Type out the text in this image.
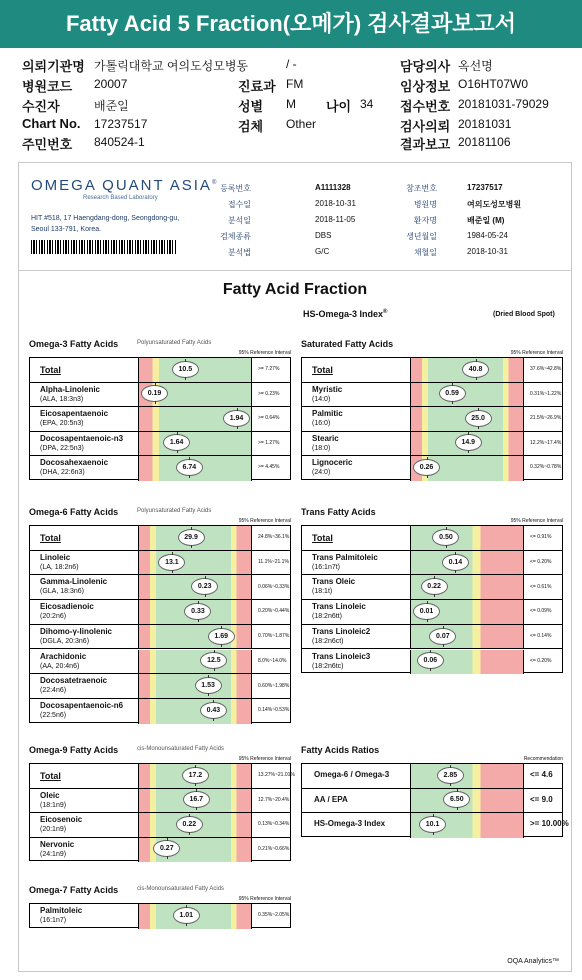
Fatty Acid 5 Fraction(오메가) 검사결과보고서
의뢰기관명 가톨릭대학교 여의도성모병동	/ -	담당의사 옥선명
병원코드 20007	진료과 FM	임상정보 O16HT07W0
수진자	배준일	성별 M 나이 34 접수번호 20181031-79029
Chart No. 17237517	검체 Other	검사의뢰 20181031
주민번호 840524-1	결과보고 20181106
OMEGA QUANT ASIA®
Research Based Laboratory
HIT #518, 17 Haengdang-dong, Seongdong-gu,
Seoul 133-791, Korea.
등록번호	A1111328	참조번호	17237517
접수일	2018-10-31	병원명	여의도성모병원
분석일	2018-11-05	환자명	배준일 (M)
검체종류	DBS	생년월일	1984-05-24
분석법	G/C	채혈일	2018-10-31
Fatty Acid Fraction
HS-Omega-3 Index®	(Dried Blood Spot)
Omega-3 Fatty Acids	Polyunsaturated Fatty Acids
95% Reference Interval
Total	10.5	>= 7.27%
Alpha-Linolenic
(ALA, 18:3n3)
0.19	>= 0.23%
Eicosapentaenoic
(EPA, 20:5n3)
1.94	>= 0.64%
Docosapentaenoic-n3
(DPA, 22:5n3)
1.64	>= 1.27%
Docosahexaenoic
(DHA, 22:6n3)
6.74	>= 4.45%
Saturated Fatty Acids
95% Reference Interval
Total	40.8	37.6%~42.8%
Myristic
(14:0)
0.59	0.31%~1.22%
Palmitic
(16:0)
25.0	21.5%~26.9%
Stearic
(18:0)
14.9	12.2%~17.4%
Lignoceric
(24:0)
0.26	0.32%~0.78%
Omega-6 Fatty Acids	Polyunsaturated Fatty Acids
95% Reference Interval
Total	29.9	24.8%~36.1%
Linoleic
(LA, 18:2n6)
13.1	11.1%~21.1%
Gamma-Linolenic
(GLA, 18:3n6)
0.23	0.06%~0.33%
Eicosadienoic
(20:2n6)
0.33	0.20%~0.44%
Dihomo-γ-linolenic
(DGLA, 20:3n6)
1.69	0.70%~1.87%
Arachidonic
(AA, 20:4n6)
12.5	8.0%~14.0%
Docosatetraenoic
(22:4n6)
1.53	0.60%~1.98%
Docosapentaenoic-n6
(22:5n6)
0.43	0.14%~0.53%
Trans Fatty Acids
95% Reference Interval
Total	0.50	<= 0.91%
Trans Palmitoleic
(16:1n7t)
0.14	<= 0.20%
Trans Oleic
(18:1t)
0.22	<= 0.61%
Trans Linoleic
(18:2n6tt)
0.01	<= 0.09%
Trans Linoleic2
(18:2n6ct)
0.07	<= 0.14%
Trans Linoleic3
(18:2n6tc)
0.06	<= 0.20%
Omega-9 Fatty Acids	cis-Monounsaturated Fatty Acids
95% Reference Interval
Total	17.2	13.27%~21.01%
Oleic
(18:1n9)
16.7	12.7%~20.4%
Eicosenoic
(20:1n9)
0.22	0.13%~0.34%
Nervonic
(24:1n9)
0.27	0.21%~0.66%
Fatty Acids Ratios
Recommendation
Omega-6 / Omega-3	2.85	<= 4.6
AA / EPA	6.50	<= 9.0
HS-Omega-3 Index	10.1	>= 10.00%
Omega-7 Fatty Acids	cis-Monounsaturated Fatty Acids
95% Reference Interval
Palmitoleic
(16:1n7)
1.01	0.35%~2.05%
OQA Analytics™
